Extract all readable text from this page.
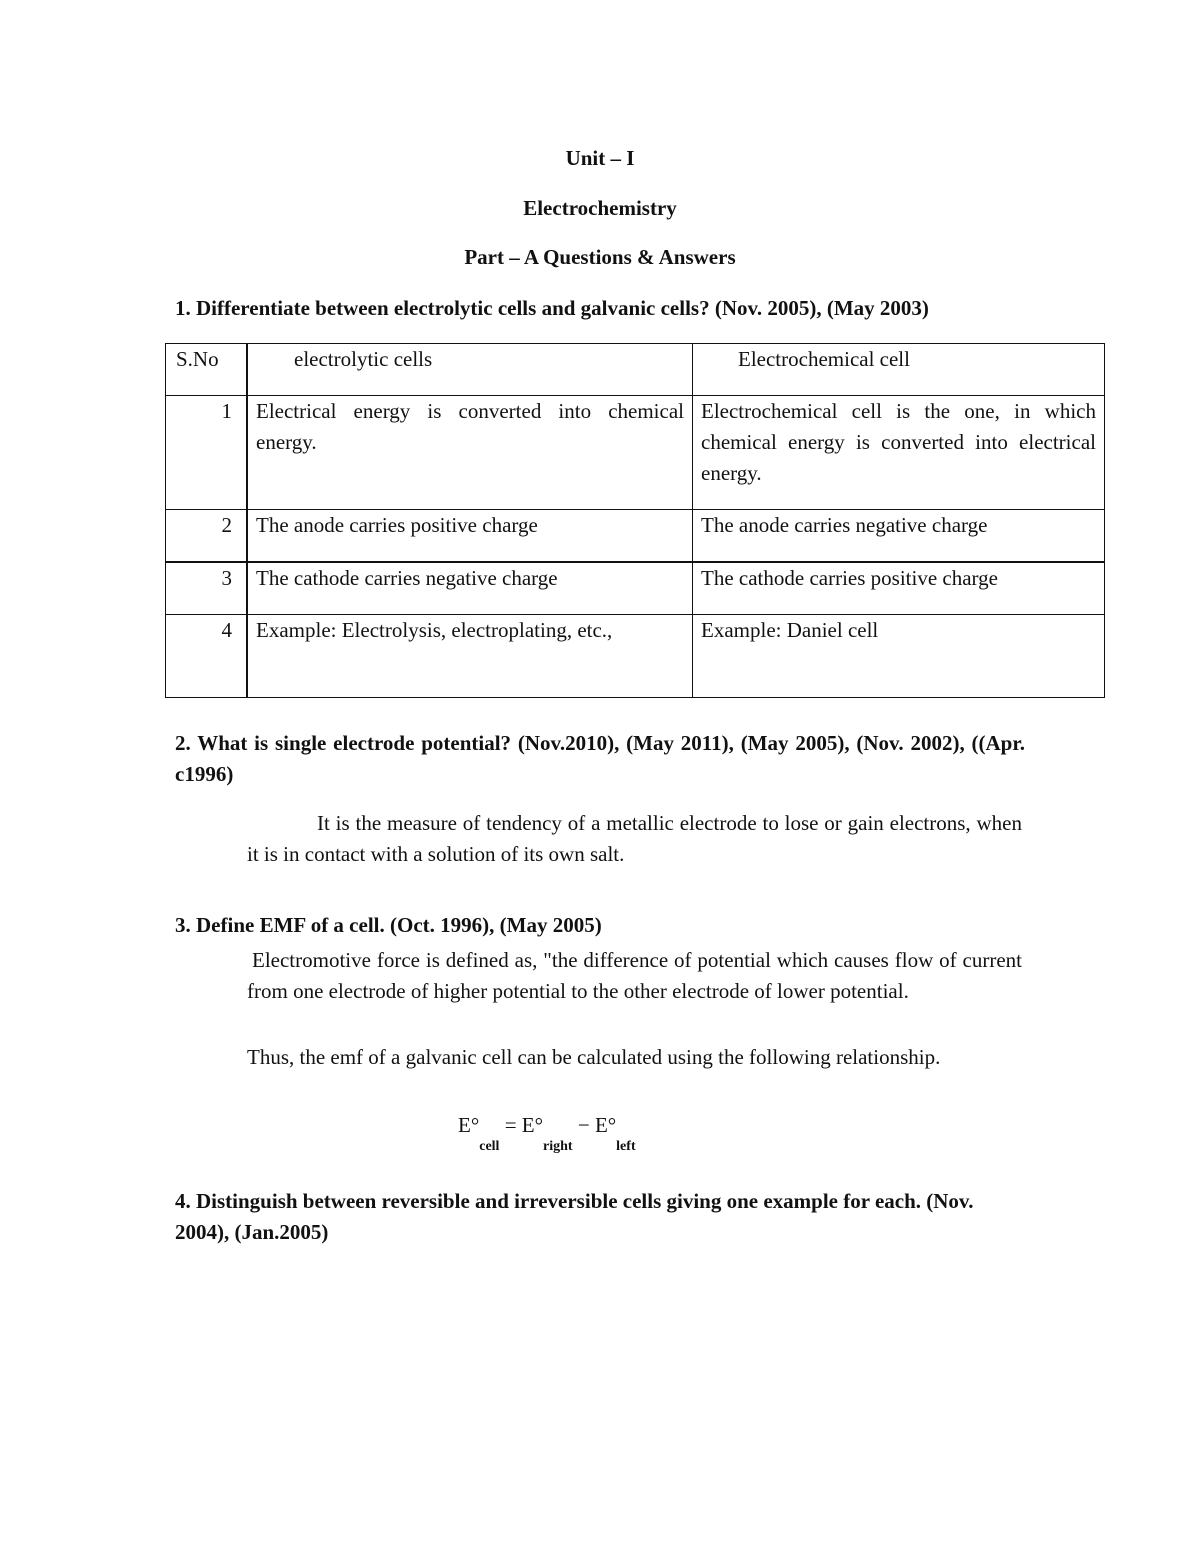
Unit – I
Electrochemistry
Part – A Questions & Answers
1. Differentiate between electrolytic cells and galvanic cells? (Nov. 2005), (May 2003)
S.No	electrolytic cells	Electrochemical cell
1	Electrical energy is converted into chemical energy.	Electrochemical cell is the one, in which chemical energy is converted into electrical energy.
2	The anode carries positive charge	The anode carries negative charge
3	The cathode carries negative charge	The cathode carries positive charge
4	Example: Electrolysis, electroplating, etc.,	Example: Daniel cell
2. What is single electrode potential? (Nov.2010), (May 2011), (May 2005), (Nov. 2002), ((Apr. c1996)
It is the measure of tendency of a metallic electrode to lose or gain electrons, when it is in contact with a solution of its own salt.
3. Define EMF of a cell. (Oct. 1996), (May 2005)
Electromotive force is defined as, "the difference of potential which causes flow of current from one electrode of higher potential to the other electrode of lower potential.
Thus, the emf of a galvanic cell can be calculated using the following relationship.
$E^\circ_{cell} = E^\circ_{right} - E^\circ_{left}$
4. Distinguish between reversible and irreversible cells giving one example for each. (Nov. 2004), (Jan.2005)
